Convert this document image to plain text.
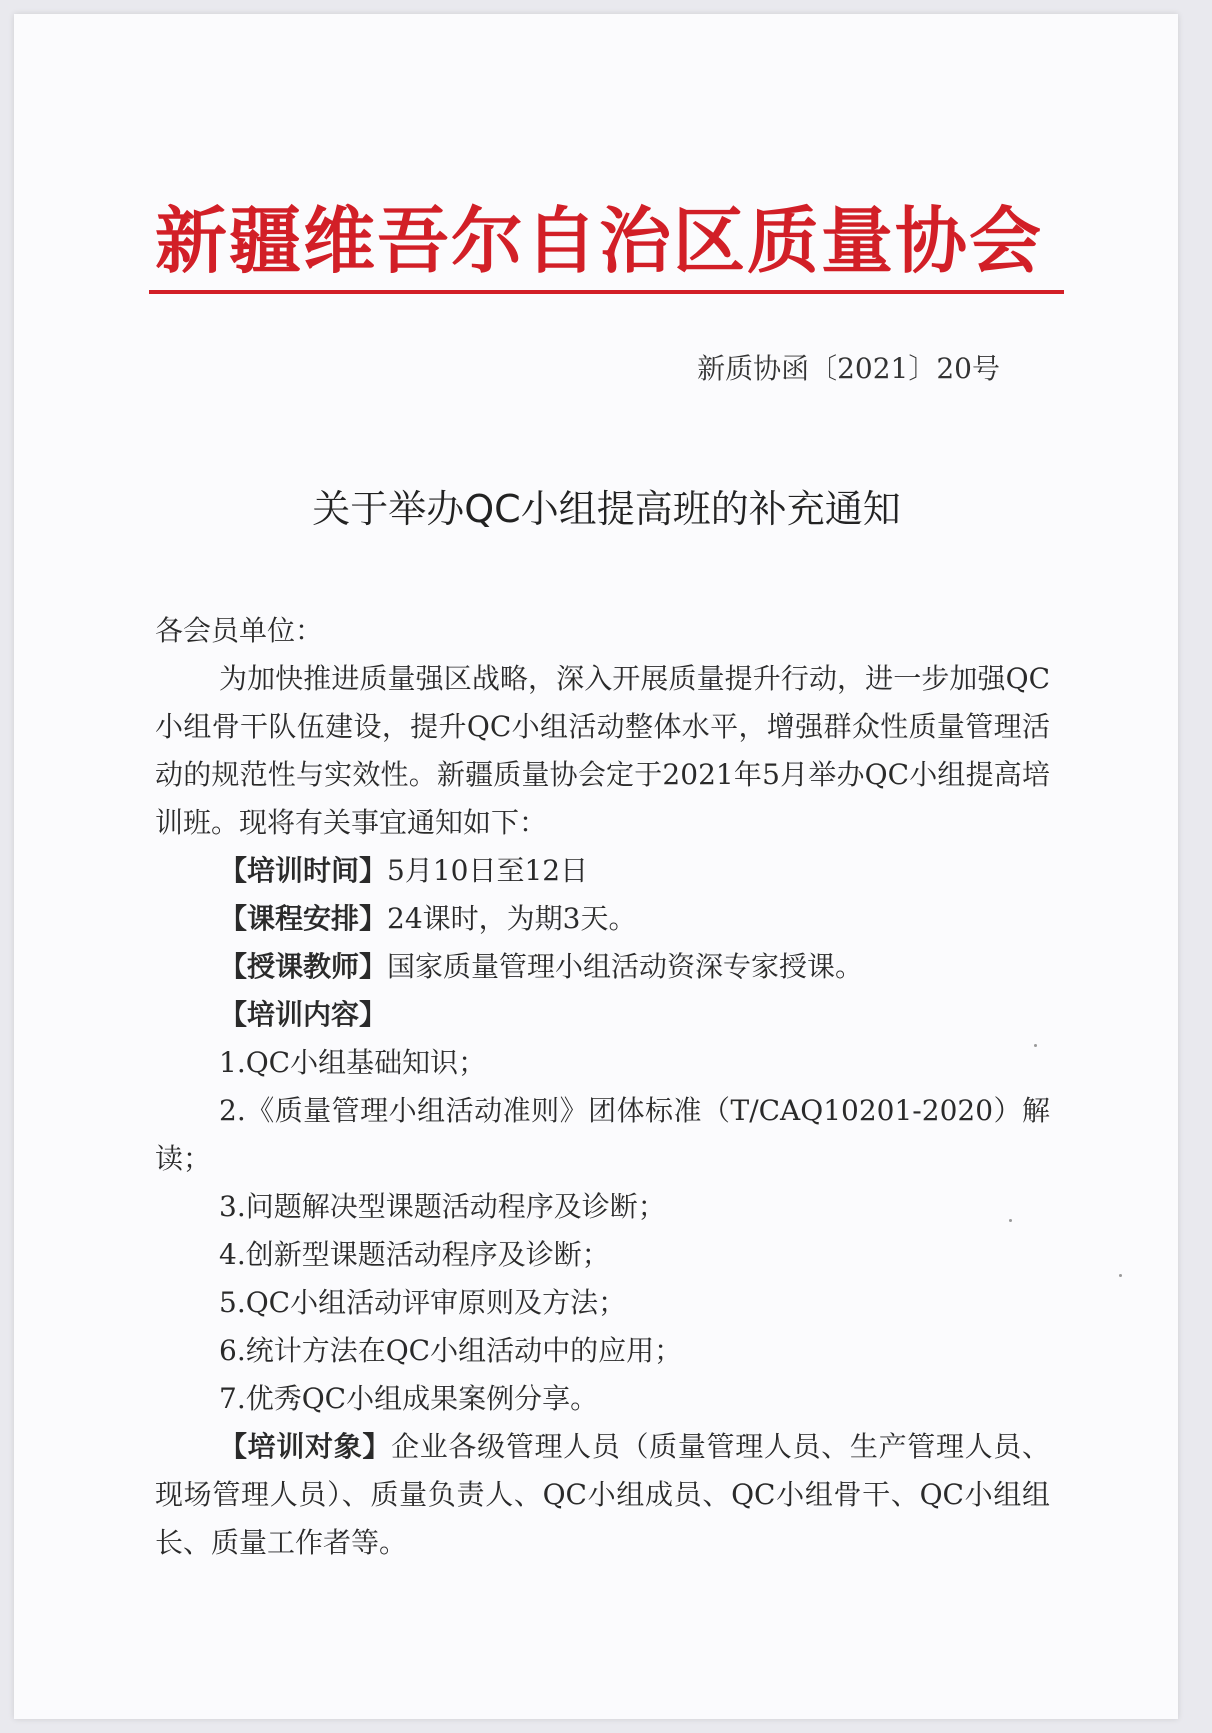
新疆维吾尔自治区质量协会
新质协函〔2021〕20号
关于举办QC小组提高班的补充通知

各会员单位：

为加快推进质量强区战略，深入开展质量提升行动，进一步加强QC小组骨干队伍建设，提升QC小组活动整体水平，增强群众性质量管理活动的规范性与实效性。新疆质量协会定于2021年5月举办QC小组提高培训班。现将有关事宜通知如下：

【培训时间】5月10日至12日

【课程安排】24课时，为期3天。

【授课教师】国家质量管理小组活动资深专家授课。

【培训内容】

1.QC小组基础知识；

2.《质量管理小组活动准则》团体标准（T/CAQ10201-2020）解读；

3.问题解决型课题活动程序及诊断；

4.创新型课题活动程序及诊断；

5.QC小组活动评审原则及方法；

6.统计方法在QC小组活动中的应用；

7.优秀QC小组成果案例分享。

【培训对象】企业各级管理人员（质量管理人员、生产管理人员、现场管理人员）、质量负责人、QC小组成员、QC小组骨干、QC小组组长、质量工作者等。
